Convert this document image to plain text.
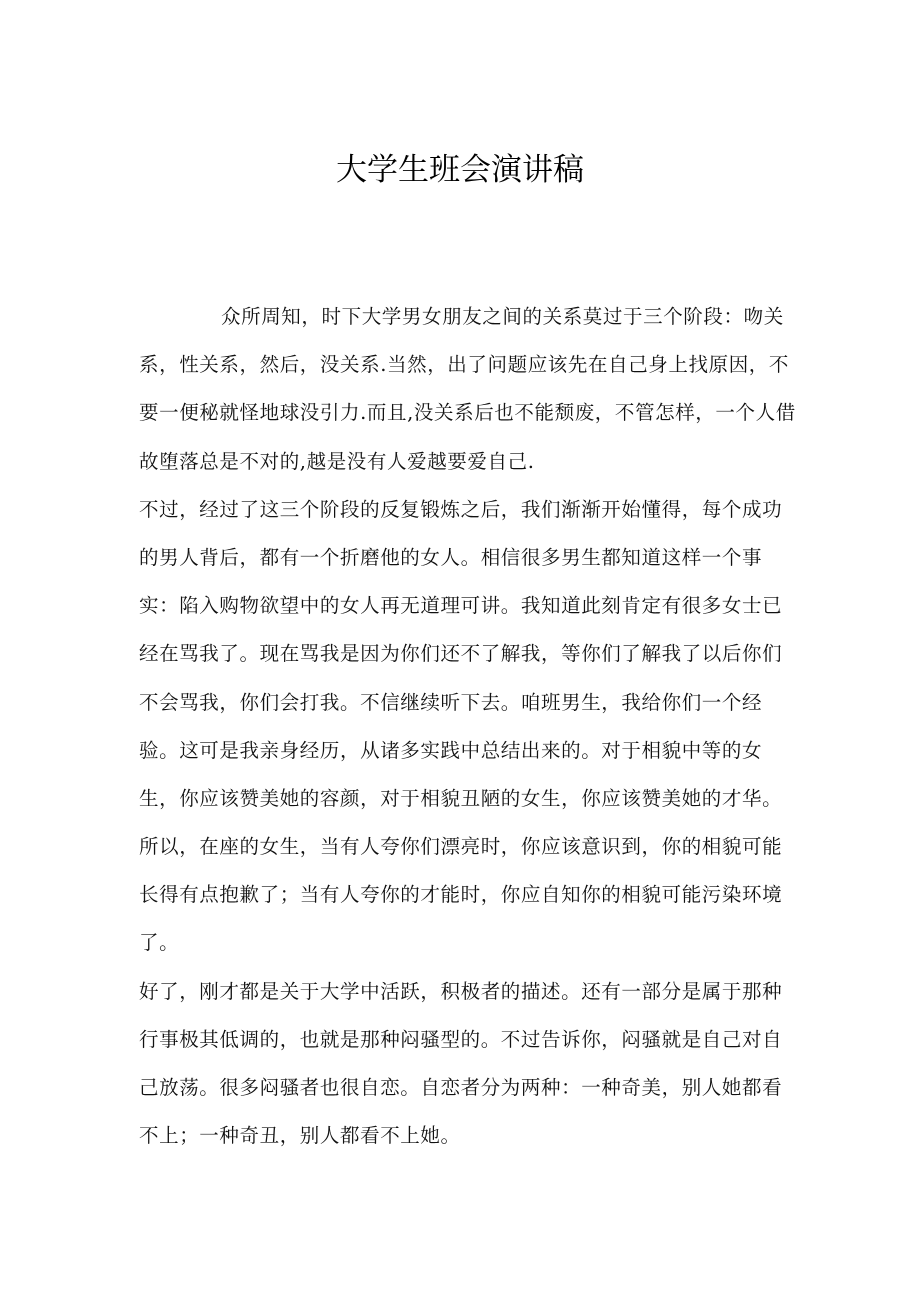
大学生班会演讲稿
众所周知，时下大学男女朋友之间的关系莫过于三个阶段：吻关
系，性关系，然后，没关系.当然，出了问题应该先在自己身上找原因，不
要一便秘就怪地球没引力.而且,没关系后也不能颓废，不管怎样，一个人借
故堕落总是不对的,越是没有人爱越要爱自己.
不过，经过了这三个阶段的反复锻炼之后，我们渐渐开始懂得，每个成功
的男人背后，都有一个折磨他的女人。相信很多男生都知道这样一个事
实：陷入购物欲望中的女人再无道理可讲。我知道此刻肯定有很多女士已
经在骂我了。现在骂我是因为你们还不了解我，等你们了解我了以后你们
不会骂我，你们会打我。不信继续听下去。咱班男生，我给你们一个经
验。这可是我亲身经历，从诸多实践中总结出来的。对于相貌中等的女
生，你应该赞美她的容颜，对于相貌丑陋的女生，你应该赞美她的才华。
所以，在座的女生，当有人夸你们漂亮时，你应该意识到，你的相貌可能
长得有点抱歉了；当有人夸你的才能时，你应自知你的相貌可能污染环境
了。
好了，刚才都是关于大学中活跃，积极者的描述。还有一部分是属于那种
行事极其低调的，也就是那种闷骚型的。不过告诉你，闷骚就是自己对自
己放荡。很多闷骚者也很自恋。自恋者分为两种：一种奇美，别人她都看
不上；一种奇丑，别人都看不上她。
